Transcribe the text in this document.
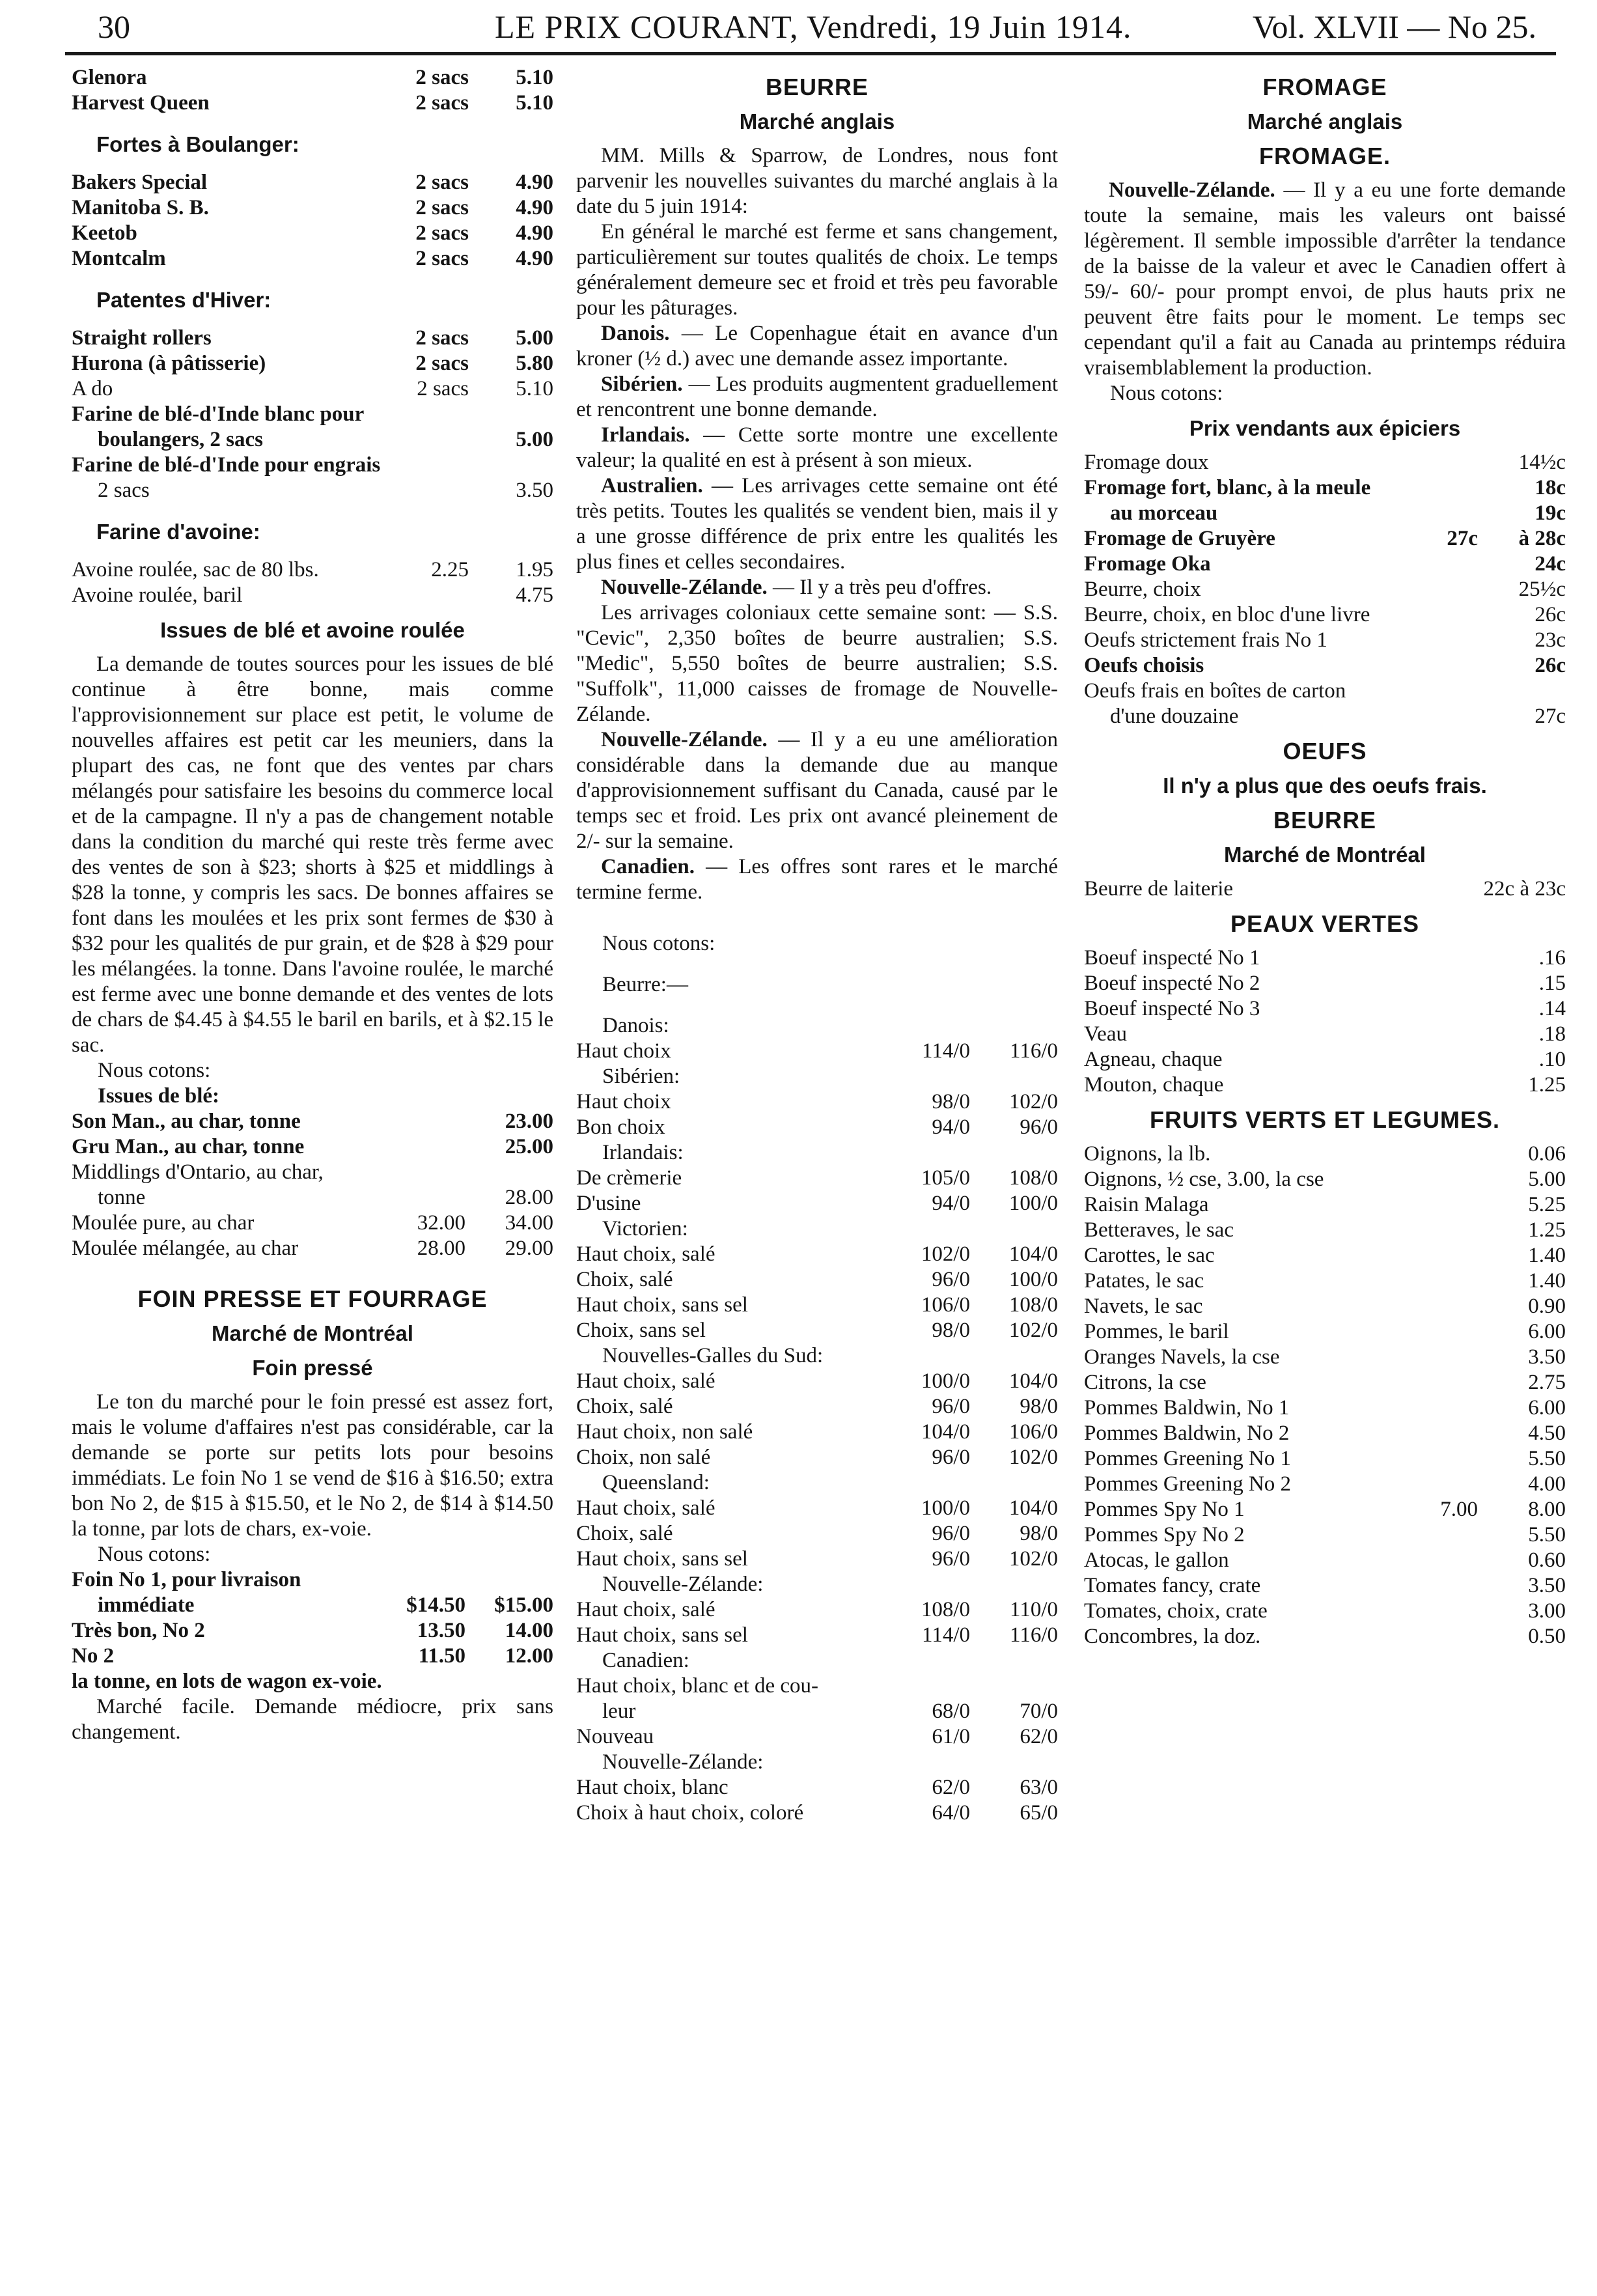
30	LE PRIX COURANT, Vendredi, 19 Juin 1914.	Vol. XLVII — No 25.
Glenora	2 sacs	5.10
Harvest Queen	2 sacs	5.10
Fortes à Boulanger:
Bakers Special	2 sacs	4.90
Manitoba S. B.	2 sacs	4.90
Keetob	2 sacs	4.90
Montcalm	2 sacs	4.90
Patentes d'Hiver:
Straight rollers	2 sacs	5.00
Hurona (à pâtisserie)	2 sacs	5.80
A do	2 sacs	5.10
Farine de blé-d'Inde blanc pour
boulangers, 2 sacs	5.00
Farine de blé-d'Inde pour engrais
2 sacs	3.50
Farine d'avoine:
Avoine roulée, sac de 80 lbs.	2.25	1.95
Avoine roulée, baril	4.75
Issues de blé et avoine roulée

La demande de toutes sources pour les issues de blé continue à être bonne, mais comme l'approvisionnement sur place est petit, le volume de nouvelles affaires est petit car les meuniers, dans la plupart des cas, ne font que des ventes par chars mélangés pour satisfaire les besoins du commerce local et de la campagne. Il n'y a pas de changement notable dans la condition du marché qui reste très ferme avec des ventes de son à $23; shorts à $25 et middlings à $28 la tonne, y compris les sacs. De bonnes affaires se font dans les moulées et les prix sont fermes de $30 à $32 pour les qualités de pur grain, et de $28 à $29 pour les mélangées. la tonne. Dans l'avoine roulée, le marché est ferme avec une bonne demande et des ventes de lots de chars de $4.45 à $4.55 le baril en barils, et à $2.15 le sac.

Nous cotons:
Issues de blé:
Son Man., au char, tonne	23.00
Gru Man., au char, tonne	25.00
Middlings d'Ontario, au char,
tonne	28.00
Moulée pure, au char	32.00	34.00
Moulée mélangée, au char	28.00	29.00
FOIN PRESSE ET FOURRAGE
Marché de Montréal
Foin pressé

Le ton du marché pour le foin pressé est assez fort, mais le volume d'affaires n'est pas considérable, car la demande se porte sur petits lots pour besoins immédiats. Le foin No 1 se vend de $16 à $16.50; extra bon No 2, de $15 à $15.50, et le No 2, de $14 à $14.50 la tonne, par lots de chars, ex-voie.

Nous cotons:
Foin No 1, pour livraison
immédiate	$14.50	$15.00
Très bon, No 2	13.50	14.00
No 2	11.50	12.00
la tonne, en lots de wagon ex-voie.

Marché facile. Demande médiocre, prix sans changement.

BEURRE
Marché anglais

MM. Mills & Sparrow, de Londres, nous font parvenir les nouvelles suivantes du marché anglais à la date du 5 juin 1914:

En général le marché est ferme et sans changement, particulièrement sur toutes qualités de choix. Le temps généralement demeure sec et froid et très peu favorable pour les pâturages.

Danois. — Le Copenhague était en avance d'un kroner (½ d.) avec une demande assez importante.

Sibérien. — Les produits augmentent graduellement et rencontrent une bonne demande.

Irlandais. — Cette sorte montre une excellente valeur; la qualité en est à présent à son mieux.

Australien. — Les arrivages cette semaine ont été très petits. Toutes les qualités se vendent bien, mais il y a une grosse différence de prix entre les qualités les plus fines et celles secondaires.

Nouvelle-Zélande. — Il y a très peu d'offres.

Les arrivages coloniaux cette semaine sont: — S.S. "Cevic", 2,350 boîtes de beurre australien; S.S. "Medic", 5,550 boîtes de beurre australien; S.S. "Suffolk", 11,000 caisses de fromage de Nouvelle-Zélande.

Nouvelle-Zélande. — Il y a eu une amélioration considérable dans la demande due au manque d'approvisionnement suffisant du Canada, causé par le temps sec et froid. Les prix ont avancé pleinement de 2/- sur la semaine.

Canadien. — Les offres sont rares et le marché termine ferme.

Nous cotons:
Beurre:—
Danois:
Haut choix	114/0	116/0
Sibérien:
Haut choix	98/0	102/0
Bon choix	94/0	96/0
Irlandais:
De crèmerie	105/0	108/0
D'usine	94/0	100/0
Victorien:
Haut choix, salé	102/0	104/0
Choix, salé	96/0	100/0
Haut choix, sans sel	106/0	108/0
Choix, sans sel	98/0	102/0
Nouvelles-Galles du Sud:
Haut choix, salé	100/0	104/0
Choix, salé	96/0	98/0
Haut choix, non salé	104/0	106/0
Choix, non salé	96/0	102/0
Queensland:
Haut choix, salé	100/0	104/0
Choix, salé	96/0	98/0
Haut choix, sans sel	96/0	102/0
Nouvelle-Zélande:
Haut choix, salé	108/0	110/0
Haut choix, sans sel	114/0	116/0
Canadien:
Haut choix, blanc et de cou-
leur	68/0	70/0
Nouveau	61/0	62/0
Nouvelle-Zélande:
Haut choix, blanc	62/0	63/0
Choix à haut choix, coloré	64/0	65/0
FROMAGE
Marché anglais
FROMAGE.

Nouvelle-Zélande. — Il y a eu une forte demande toute la semaine, mais les valeurs ont baissé légèrement. Il semble impossible d'arrêter la tendance de la baisse de la valeur et avec le Canadien offert à 59/- 60/- pour prompt envoi, de plus hauts prix ne peuvent être faits pour le moment. Le temps sec cependant qu'il a fait au Canada au printemps réduira vraisemblablement la production.

Nous cotons:
Prix vendants aux épiciers
Fromage doux	14½c
Fromage fort, blanc, à la meule	18c
au morceau	19c
Fromage de Gruyère	27c	à 28c
Fromage Oka	24c
Beurre, choix	25½c
Beurre, choix, en bloc d'une livre	26c
Oeufs strictement frais No 1	23c
Oeufs choisis	26c
Oeufs frais en boîtes de carton
d'une douzaine	27c
OEUFS
Il n'y a plus que des oeufs frais.
BEURRE
Marché de Montréal
Beurre de laiterie	22c à 23c
PEAUX VERTES
Boeuf inspecté No 1	.16
Boeuf inspecté No 2	.15
Boeuf inspecté No 3	.14
Veau	.18
Agneau, chaque	.10
Mouton, chaque	1.25
FRUITS VERTS ET LEGUMES.
Oignons, la lb.	0.06
Oignons, ½ cse, 3.00, la cse	5.00
Raisin Malaga	5.25
Betteraves, le sac	1.25
Carottes, le sac	1.40
Patates, le sac	1.40
Navets, le sac	0.90
Pommes, le baril	6.00
Oranges Navels, la cse	3.50
Citrons, la cse	2.75
Pommes Baldwin, No 1	6.00
Pommes Baldwin, No 2	4.50
Pommes Greening No 1	5.50
Pommes Greening No 2	4.00
Pommes Spy No 1	7.00	8.00
Pommes Spy No 2	5.50
Atocas, le gallon	0.60
Tomates fancy, crate	3.50
Tomates, choix, crate	3.00
Concombres, la doz.	0.50
